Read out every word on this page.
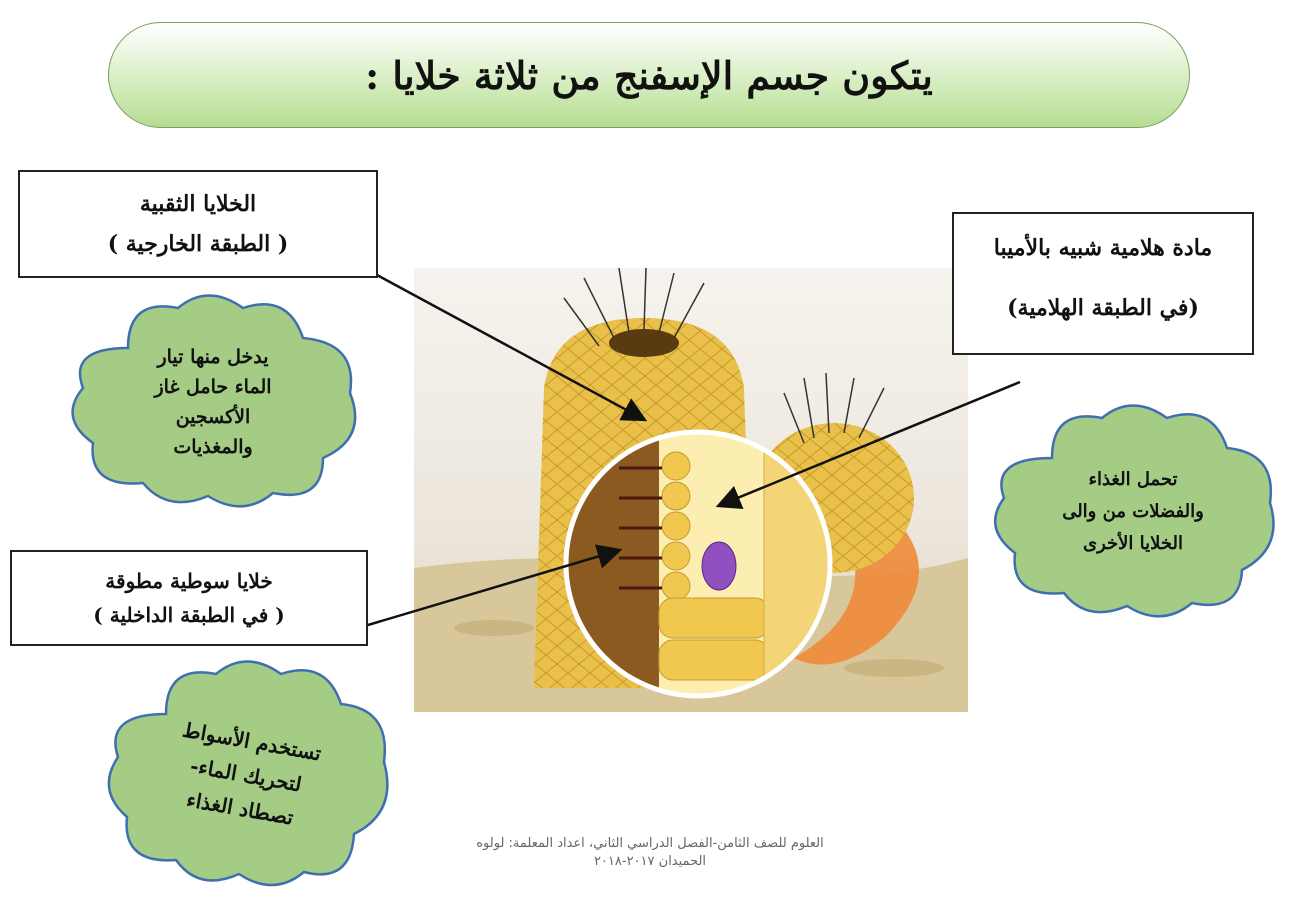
يتكون جسم الإسفنج من ثلاثة خلايا :
الخلايا الثقبية
( الطبقة الخارجية )	مادة هلامية شبيه بالأميبا
(في الطبقة الهلامية)
خلايا سوطية مطوقة
( في الطبقة الداخلية )
يدخل منها تيار
الماء حامل غاز
الأكسجين
والمغذيات
تحمل الغذاء
والفضلات من والى
الخلايا الأخرى
تستخدم الأسواط
لتحريك الماء-
تصطاد الغذاء
العلوم للصف الثامن-الفصل الدراسي الثاني، اعداد المعلمة: لولوه
الحميدان ٢٠١٧-٢٠١٨
